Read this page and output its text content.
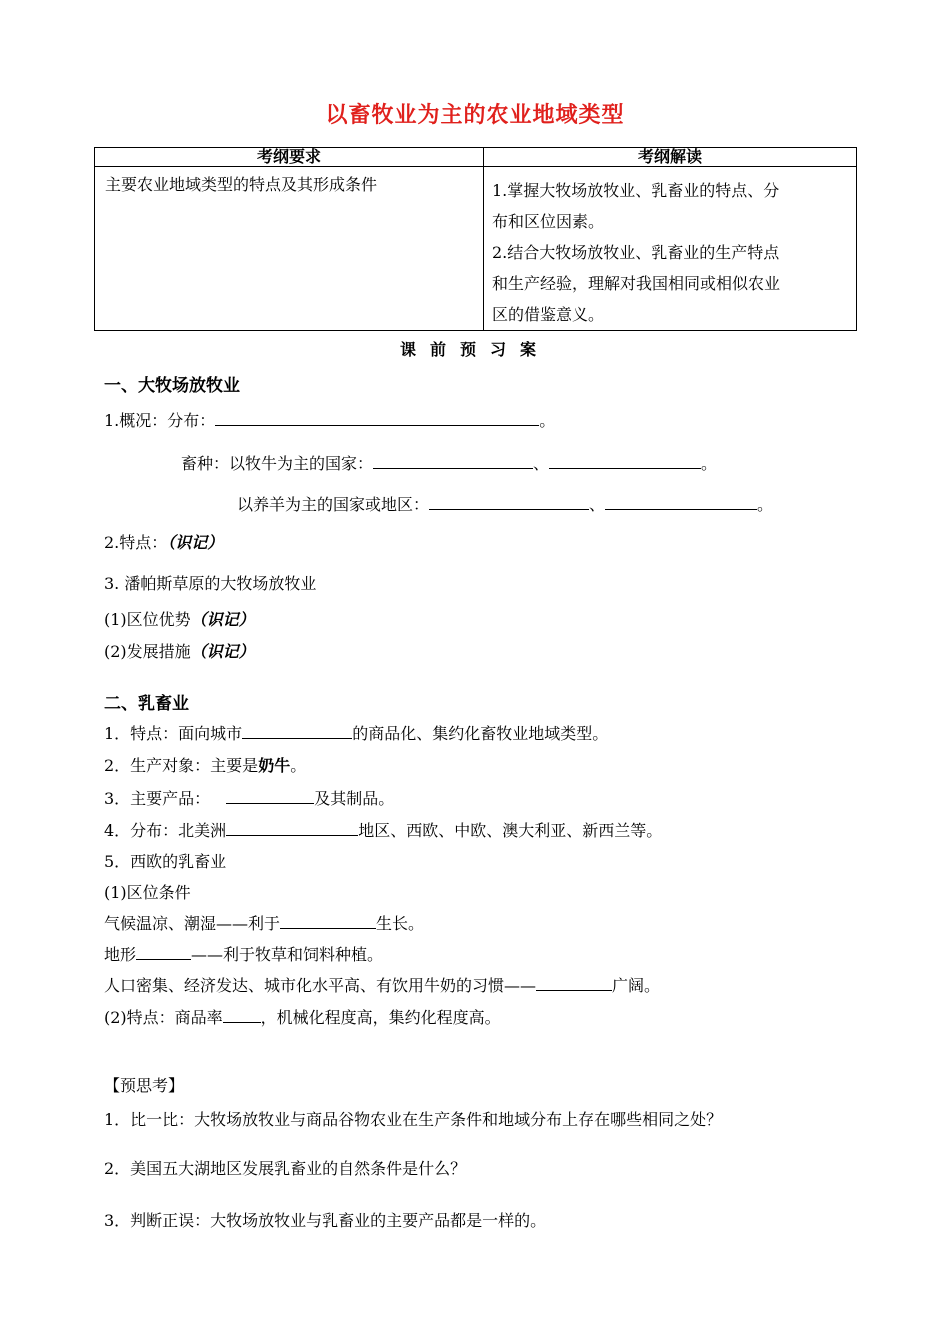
以畜牧业为主的农业地域类型
考纲要求	考纲解读
主要农业地域类型的特点及其形成条件	1.掌握大牧场放牧业、乳畜业的特点、分
布和区位因素。
2.结合大牧场放牧业、乳畜业的生产特点
和生产经验，理解对我国相同或相似农业
区的借鉴意义。
课前预习案
一、大牧场放牧业
1.概况：分布：	。
畜种：以牧牛为主的国家：	、	。
以养羊为主的国家或地区：	、	。
2.特点：（识记）
3. 潘帕斯草原的大牧场放牧业
(1)区位优势（识记）
(2)发展措施（识记）
二、乳畜业
1．特点：面向城市	的商品化、集约化畜牧业地域类型。
2．生产对象：主要是奶牛。
3．主要产品：	及其制品。
4．分布：北美洲	地区、西欧、中欧、澳大利亚、新西兰等。
5．西欧的乳畜业
(1)区位条件
气候温凉、潮湿——利于	生长。
地形	——利于牧草和饲料种植。
人口密集、经济发达、城市化水平高、有饮用牛奶的习惯——	广阔。
(2)特点：商品率 ，机械化程度高，集约化程度高。
【预思考】
1．比一比：大牧场放牧业与商品谷物农业在生产条件和地域分布上存在哪些相同之处？
2．美国五大湖地区发展乳畜业的自然条件是什么？
3．判断正误：大牧场放牧业与乳畜业的主要产品都是一样的。
